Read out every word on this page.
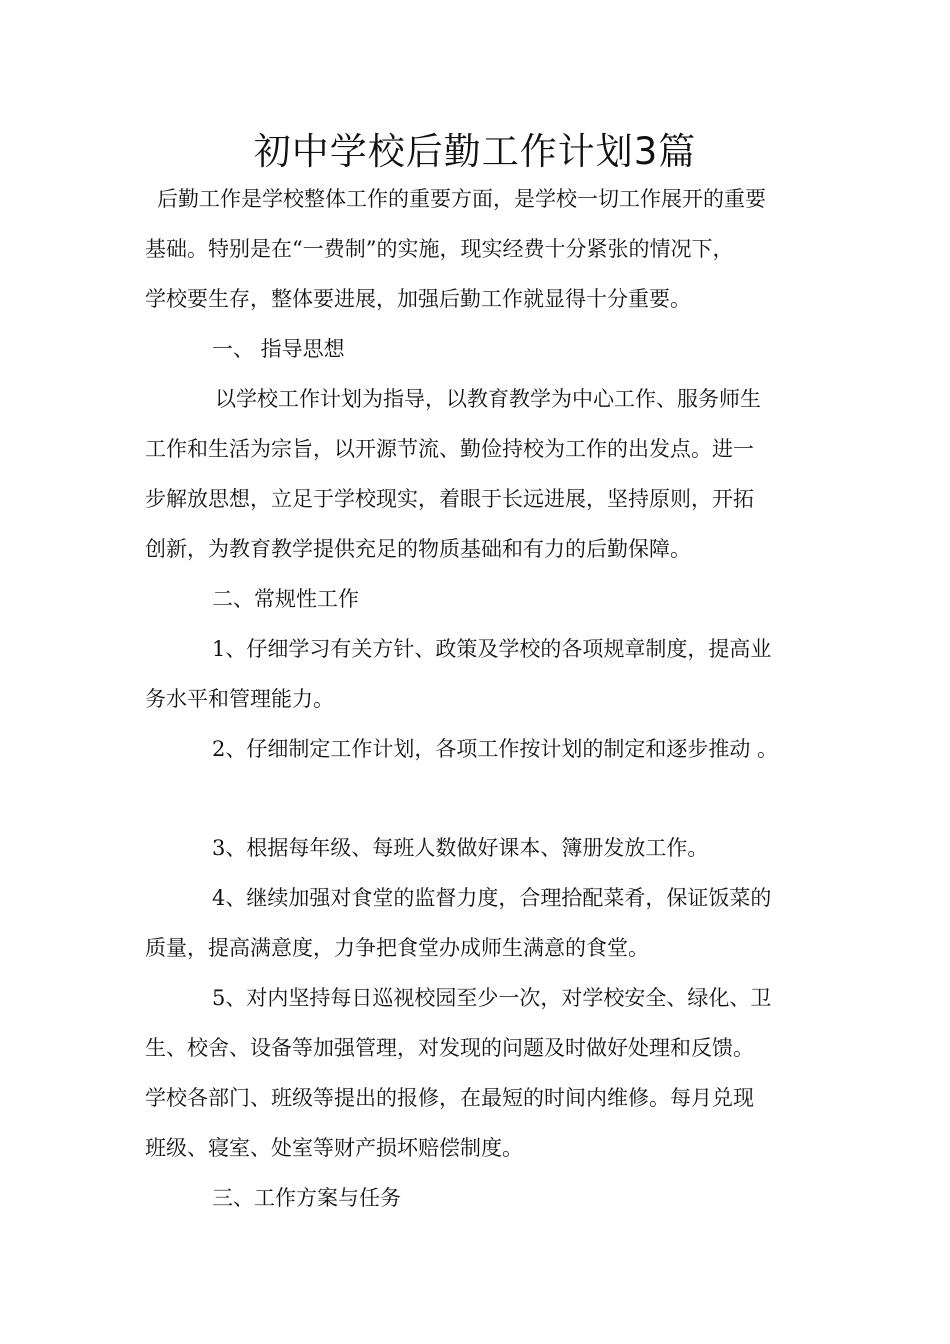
初中学校后勤工作计划3篇

后勤工作是学校整体工作的重要方面，是学校一切工作展开的重要

基础。特别是在“一费制”的实施，现实经费十分紧张的情况下，

学校要生存，整体要进展，加强后勤工作就显得十分重要。

一、 指导思想

以学校工作计划为指导，以教育教学为中心工作、服务师生

工作和生活为宗旨，以开源节流、勤俭持校为工作的出发点。进一

步解放思想，立足于学校现实，着眼于长远进展，坚持原则，开拓

创新，为教育教学提供充足的物质基础和有力的后勤保障。

二、常规性工作

1、仔细学习有关方针、政策及学校的各项规章制度，提高业

务水平和管理能力。

2、仔细制定工作计划，各项工作按计划的制定和逐步推动 。

3、根据每年级、每班人数做好课本、簿册发放工作。

4、继续加强对食堂的监督力度，合理拾配菜肴，保证饭菜的

质量，提高满意度，力争把食堂办成师生满意的食堂。

5、对内坚持每日巡视校园至少一次，对学校安全、绿化、卫

生、校舍、设备等加强管理，对发现的问题及时做好处理和反馈。

学校各部门、班级等提出的报修，在最短的时间内维修。每月兑现

班级、寝室、处室等财产损坏赔偿制度。

三、工作方案与任务
